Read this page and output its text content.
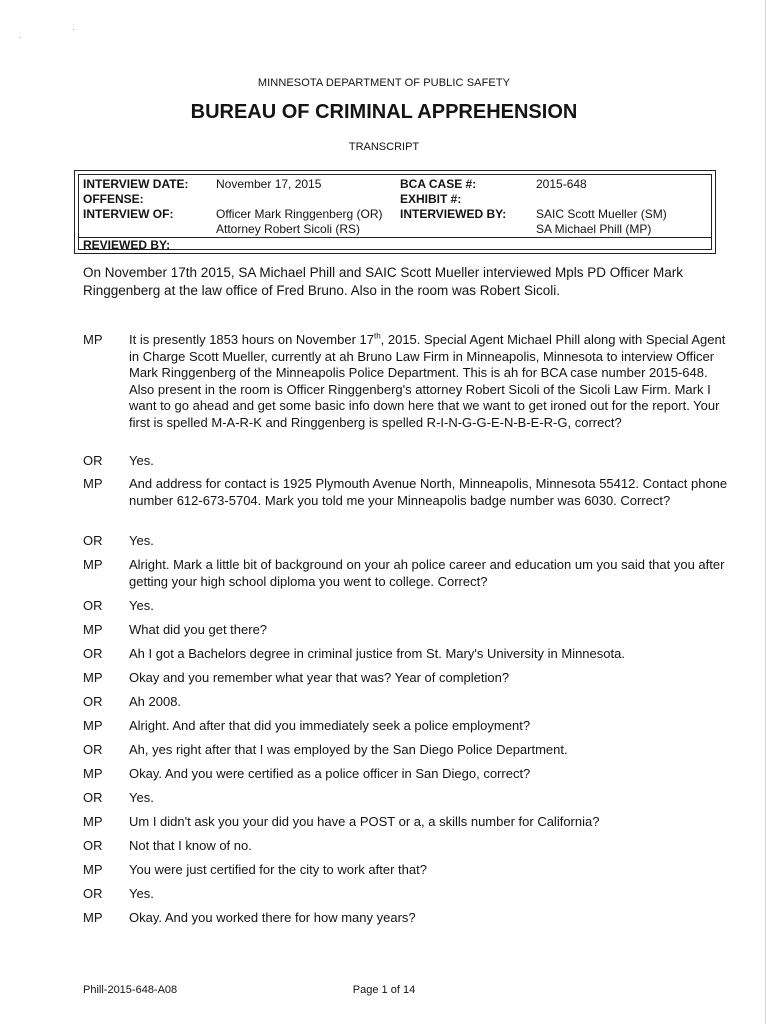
·
·
MINNESOTA DEPARTMENT OF PUBLIC SAFETY
BUREAU OF CRIMINAL APPREHENSION
TRANSCRIPT
INTERVIEW DATE: November 17, 2015	BCA CASE #:	2015-648
OFFENSE:	EXHIBIT #:
INTERVIEW OF:	Officer Mark Ringgenberg (OR)
Attorney Robert Sicoli (RS)
INTERVIEWED BY: SAIC Scott Mueller (SM)
SA Michael Phill (MP)
REVIEWED BY:
On November 17th 2015, SA Michael Phill and SAIC Scott Mueller interviewed Mpls PD Officer Mark Ringgenberg at the law office of Fred Bruno. Also in the room was Robert Sicoli.
MP	It is presently 1853 hours on November 17th, 2015. Special Agent Michael Phill along with Special Agent in Charge Scott Mueller, currently at ah Bruno Law Firm in Minneapolis, Minnesota to interview Officer Mark Ringgenberg of the Minneapolis Police Department. This is ah for BCA case number 2015-648. Also present in the room is Officer Ringgenberg's attorney Robert Sicoli of the Sicoli Law Firm. Mark I want to go ahead and get some basic info down here that we want to get ironed out for the report. Your first is spelled M-A-R-K and Ringgenberg is spelled R-I-N-G-G-E-N-B-E-R-G, correct?
OR	Yes.
MP	And address for contact is 1925 Plymouth Avenue North, Minneapolis, Minnesota 55412. Contact phone number 612-673-5704. Mark you told me your Minneapolis badge number was 6030. Correct?
OR	Yes.
MP	Alright. Mark a little bit of background on your ah police career and education um you said that you after getting your high school diploma you went to college. Correct?
OR	Yes.
MP	What did you get there?
OR	Ah I got a Bachelors degree in criminal justice from St. Mary's University in Minnesota.
MP	Okay and you remember what year that was? Year of completion?
OR	Ah 2008.
MP	Alright. And after that did you immediately seek a police employment?
OR	Ah, yes right after that I was employed by the San Diego Police Department.
MP	Okay. And you were certified as a police officer in San Diego, correct?
OR	Yes.
MP	Um I didn't ask you your did you have a POST or a, a skills number for California?
OR	Not that I know of no.
MP	You were just certified for the city to work after that?
OR	Yes.
MP	Okay. And you worked there for how many years?
Phill-2015-648-A08	Page 1 of 14
